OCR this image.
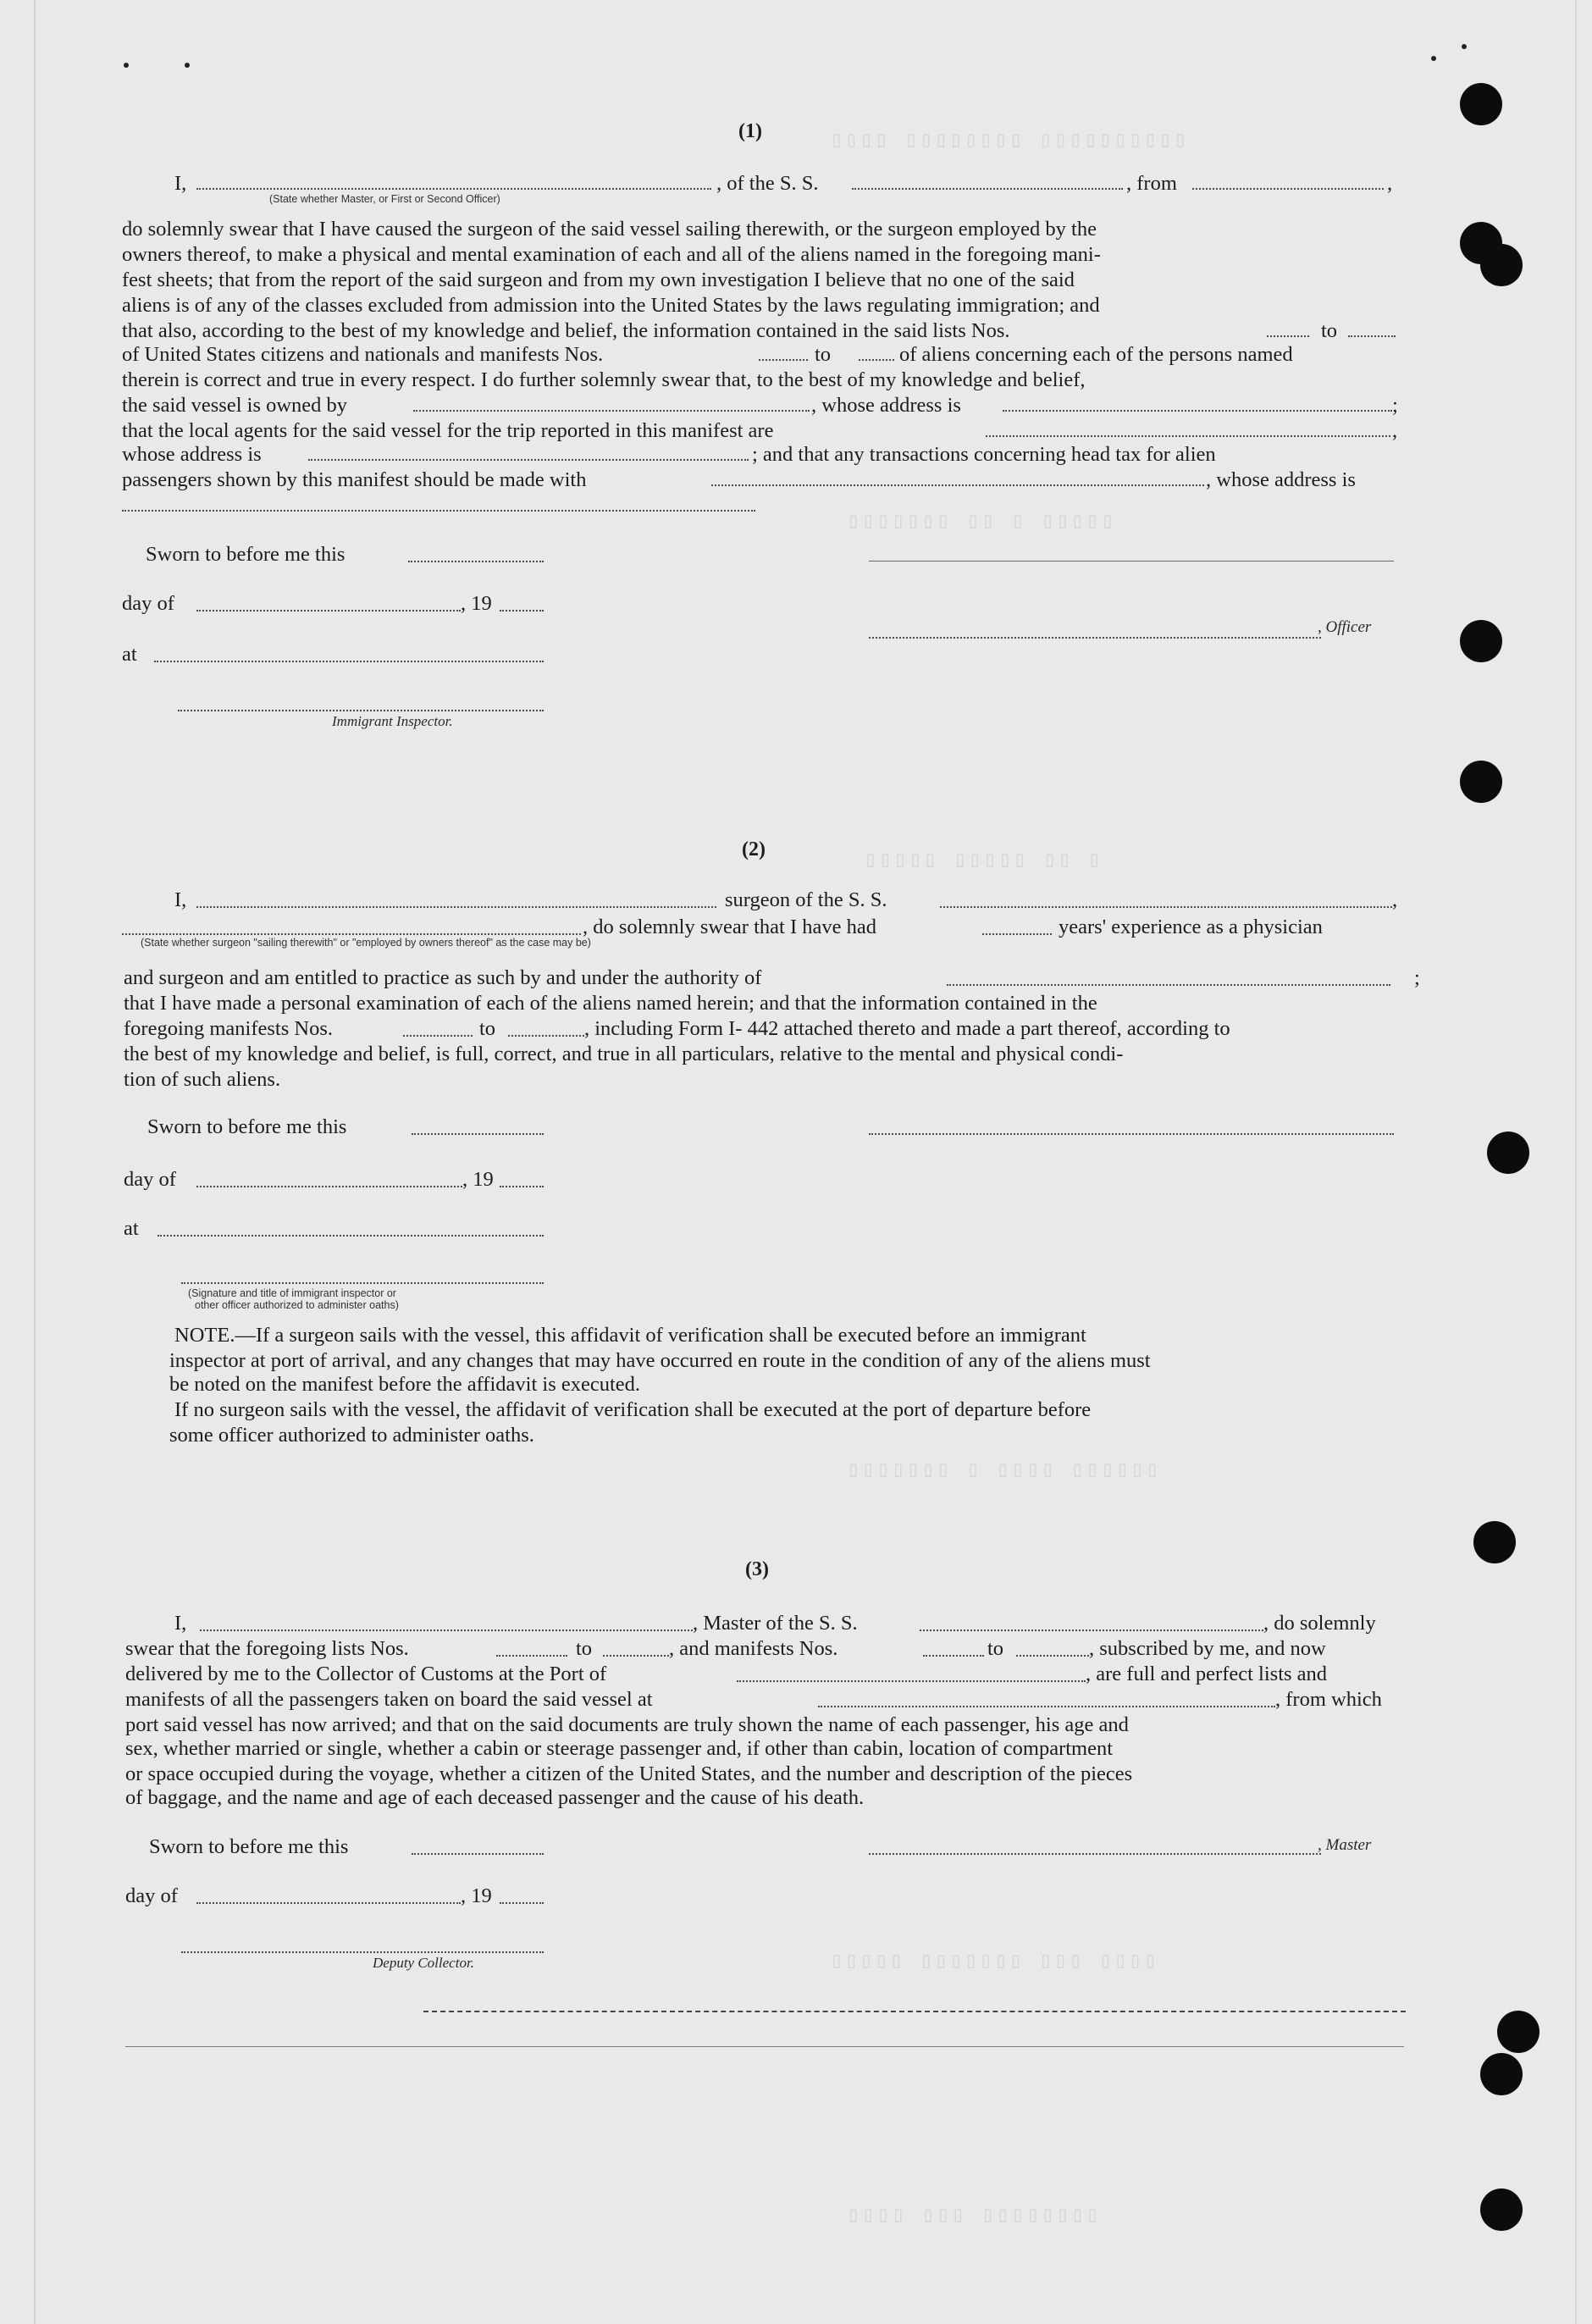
▯▯▯▯ ▯▯▯▯▯▯▯▯ ▯▯▯▯▯▯▯▯▯▯
▯▯▯▯▯▯▯ ▯▯ ▯ ▯▯▯▯▯
▯▯▯▯▯ ▯▯▯▯▯ ▯▯ ▯
▯▯▯▯▯▯▯ ▯ ▯▯▯▯ ▯▯▯▯▯▯
▯▯▯▯▯ ▯▯▯▯▯▯▯ ▯▯▯ ▯▯▯▯
▯▯▯▯ ▯▯▯ ▯▯▯▯▯▯▯▯
(1)
I,	, of the S. S.	, from	,
(State whether Master, or First or Second Officer)
do solemnly swear that I have caused the surgeon of the said vessel sailing therewith, or the surgeon employed by the
owners thereof, to make a physical and mental examination of each and all of the aliens named in the foregoing mani-
fest sheets; that from the report of the said surgeon and from my own investigation I believe that no one of the said
aliens is of any of the classes excluded from admission into the United States by the laws regulating immigration; and
that also, according to the best of my knowledge and belief, the information contained in the said lists Nos.	to
of United States citizens and nationals and manifests Nos.	to	of aliens concerning each of the persons named
therein is correct and true in every respect. I do further solemnly swear that, to the best of my knowledge and belief,
the said vessel is owned by	, whose address is	;
that the local agents for the said vessel for the trip reported in this manifest are	,
whose address is	; and that any transactions concerning head tax for alien
passengers shown by this manifest should be made with	, whose address is
Sworn to before me this
day of	, 19
, Officer
at
Immigrant Inspector.
(2)
I,	surgeon of the S. S.	,
, do solemnly swear that I have had	years' experience as a physician
(State whether surgeon "sailing therewith" or "employed by owners thereof" as the case may be)
and surgeon and am entitled to practice as such by and under the authority of	;
that I have made a personal examination of each of the aliens named herein; and that the information contained in the
foregoing manifests Nos.	to	, including Form I- 442 attached thereto and made a part thereof, according to
the best of my knowledge and belief, is full, correct, and true in all particulars, relative to the mental and physical condi-
tion of such aliens.
Sworn to before me this
day of	, 19
at
(Signature and title of immigrant inspector or
other officer authorized to administer oaths)
NOTE.—If a surgeon sails with the vessel, this affidavit of verification shall be executed before an immigrant
inspector at port of arrival, and any changes that may have occurred en route in the condition of any of the aliens must
be noted on the manifest before the affidavit is executed.
If no surgeon sails with the vessel, the affidavit of verification shall be executed at the port of departure before
some officer authorized to administer oaths.
(3)
I,	, Master of the S. S.	, do solemnly
swear that the foregoing lists Nos.	to	, and manifests Nos.	to	, subscribed by me, and now
delivered by me to the Collector of Customs at the Port of	, are full and perfect lists and
manifests of all the passengers taken on board the said vessel at	, from which
port said vessel has now arrived; and that on the said documents are truly shown the name of each passenger, his age and
sex, whether married or single, whether a cabin or steerage passenger and, if other than cabin, location of compartment
or space occupied during the voyage, whether a citizen of the United States, and the number and description of the pieces
of baggage, and the name and age of each deceased passenger and the cause of his death.
Sworn to before me this	, Master
day of	, 19
Deputy Collector.
